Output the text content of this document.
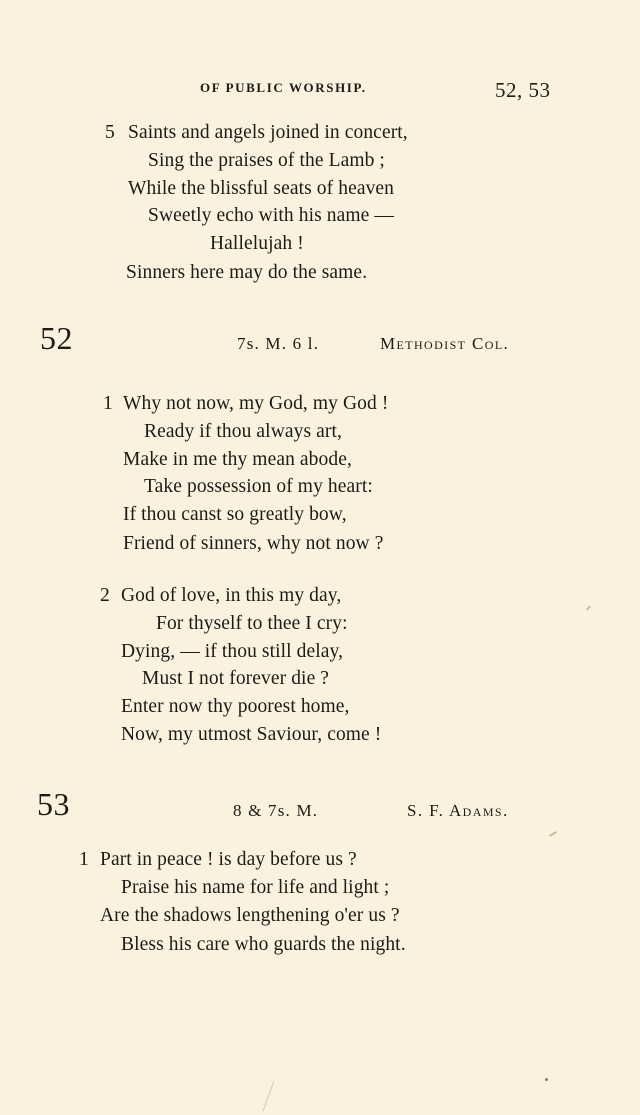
OF PUBLIC WORSHIP.	52, 53
5 Saints and angels joined in concert,
Sing the praises of the Lamb ;
While the blissful seats of heaven
Sweetly echo with his name —
Hallelujah !
Sinners here may do the same.
52	7s. M. 6 l.	Methodist Col.
1 Why not now, my God, my God !
Ready if thou always art,
Make in me thy mean abode,
Take possession of my heart:
If thou canst so greatly bow,
Friend of sinners, why not now ?
2 God of love, in this my day,
For thyself to thee I cry:
Dying, — if thou still delay,
Must I not forever die ?
Enter now thy poorest home,
Now, my utmost Saviour, come !
53	8 & 7s. M.	S. F. Adams.
1 Part in peace ! is day before us ?
Praise his name for life and light ;
Are the shadows lengthening o'er us ?
Bless his care who guards the night.
